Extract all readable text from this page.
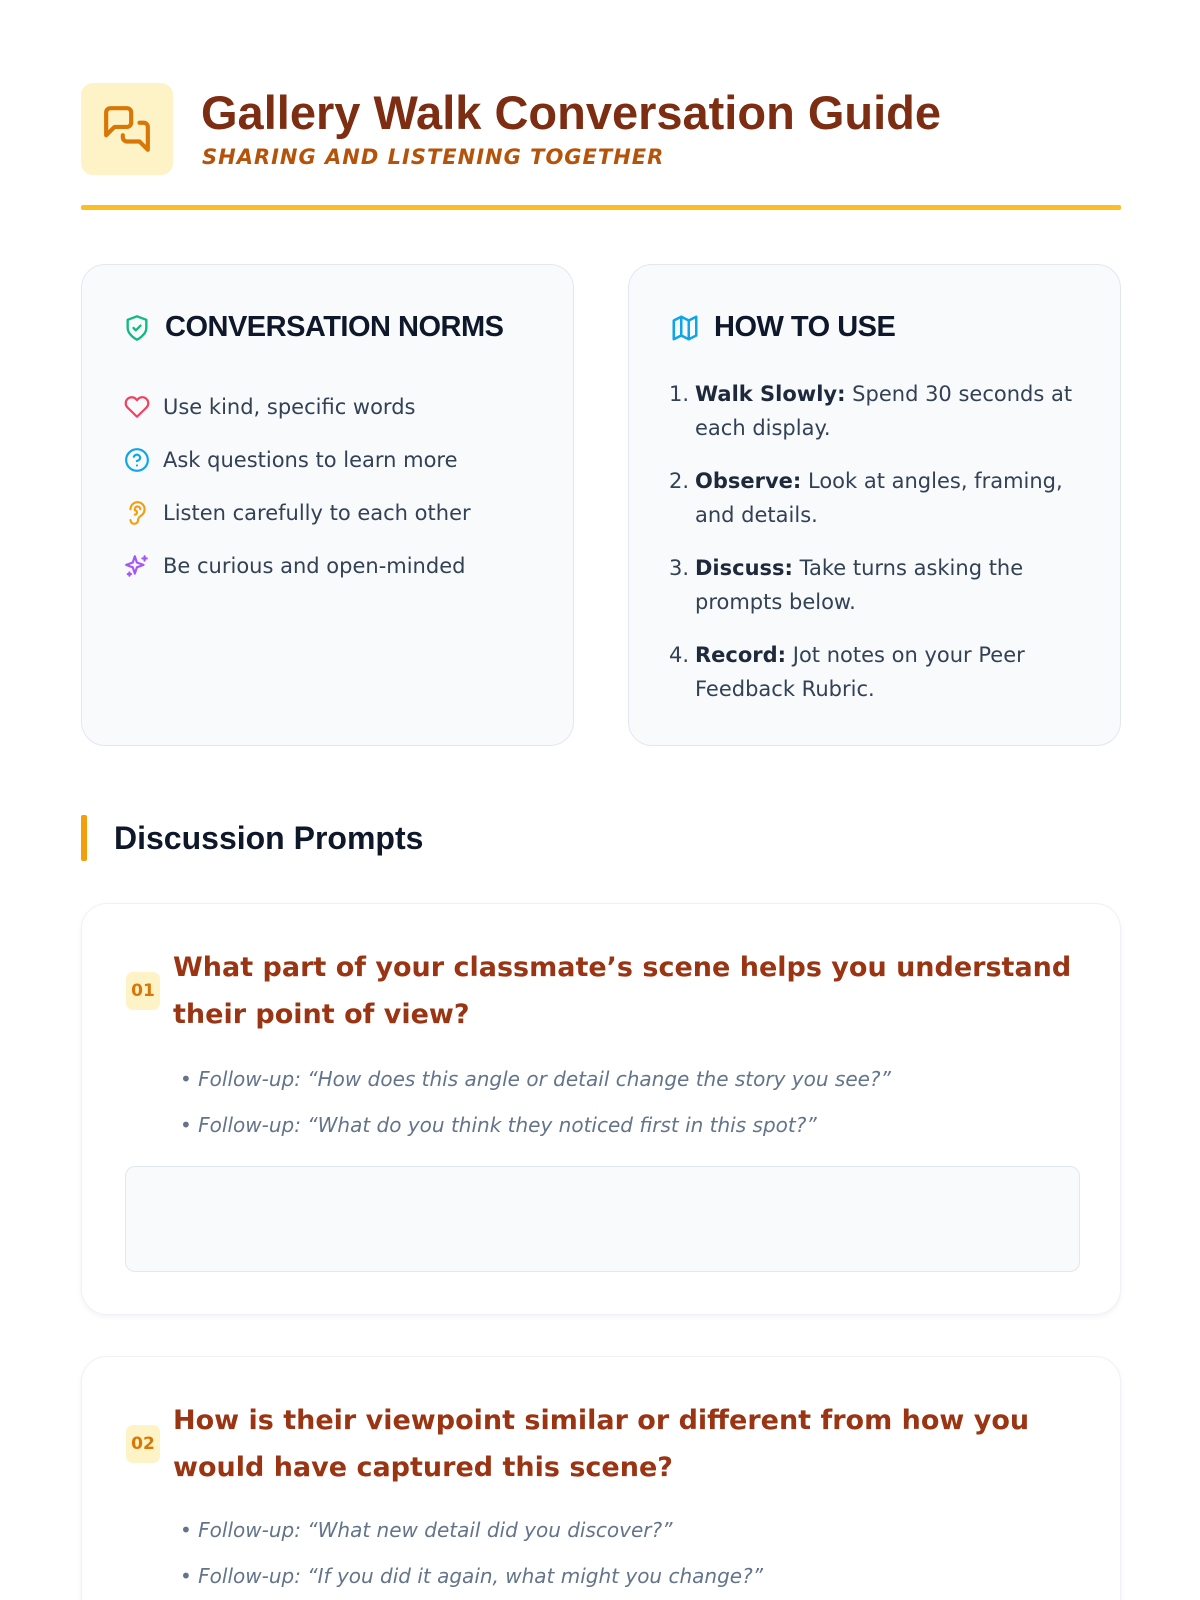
Gallery Walk Conversation Guide
SHARING AND LISTENING TOGETHER
CONVERSATION NORMS
Use kind, specific words
Ask questions to learn more
Listen carefully to each other
Be curious and open-minded
HOW TO USE
1. Walk Slowly: Spend 30 seconds at each display.
2. Observe: Look at angles, framing, and details.
3. Discuss: Take turns asking the prompts below.
4. Record: Jot notes on your Peer Feedback Rubric.
Discussion Prompts
01
What part of your classmate’s scene helps you understand their point of view?
• Follow-up: “How does this angle or detail change the story you see?”
• Follow-up: “What do you think they noticed first in this spot?”
02
How is their viewpoint similar or different from how you would have captured this scene?
• Follow-up: “What new detail did you discover?”
• Follow-up: “If you did it again, what might you change?”
